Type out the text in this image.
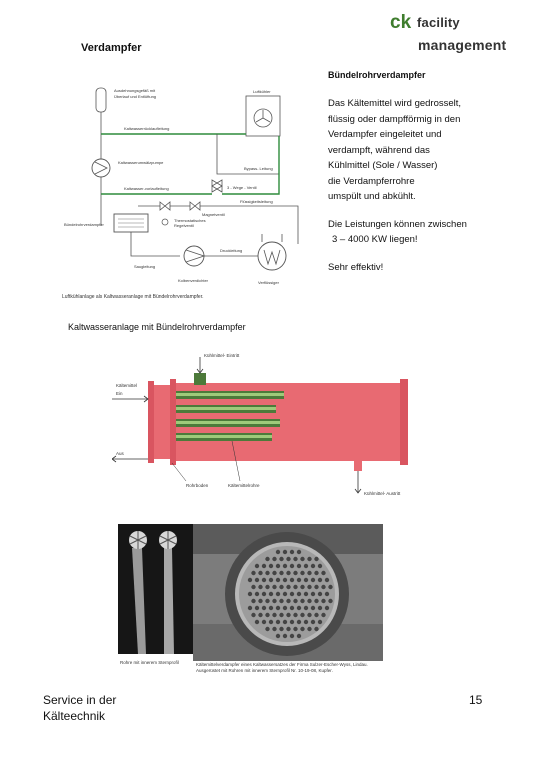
ck facility
management
Verdampfer
Bündelrohrverdampfer

Das Kältemittel wird gedrosselt,
flüssig oder dampfförmig in den
Verdampfer eingeleitet und
verdampft, während das
Kühlmittel (Sole / Wasser)
die Verdampferrohre
umspült und abkühlt.

Die Leistungen können zwischen
3 – 4000 KW liegen!

Sehr effektiv!

Ausdehnungsgefäß mit
Überlauf und Entlüftung
Luftkühler
Kaltwasserrücklaufleitung
Kaltwasserumwälzpumpe
Bypass- Leitung
3 - Wege - Ventil
Kaltwasser-vorlaufleitung
Flüssigkeitsleitung
Magnetventil
Thermostatisches
Regelventil
Bündelrohrverdampfer
Saugleitung
Kolbenverdichter
Druckleitung
Verflüssiger
Luftkühlanlage als Kaltwasseranlage mit Bündelrohrverdampfer.
Kaltwasseranlage mit Bündelrohrverdampfer
Kältemittel
Ein
Aus
Kühlmittel- Eintritt
Kühlmittel- Austritt
Rohrboden	Kältemittelrohre
Rohre mit innerem Sternprofil	Kältemittelverdampfer eines Kaltwassersatzes der Firma Sulzer-Escher-Wyss, Lindau. Ausgerüstet mit Rohren mit innerem Sternprofil Nr. 10-19-08, Kupfer.
Service in der
Kälteechnik
15
